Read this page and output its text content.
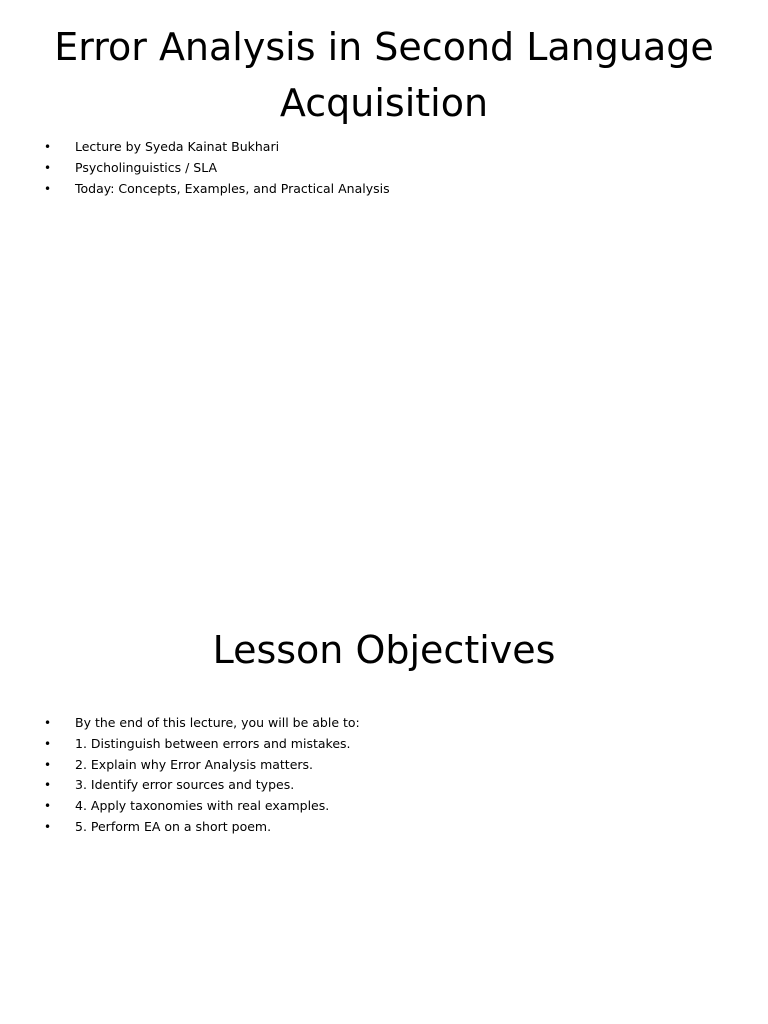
Error Analysis in Second Language Acquisition
• Lecture by Syeda Kainat Bukhari
• Psycholinguistics / SLA
• Today: Concepts, Examples, and Practical Analysis
Lesson Objectives
• By the end of this lecture, you will be able to:
• 1. Distinguish between errors and mistakes.
• 2. Explain why Error Analysis matters.
• 3. Identify error sources and types.
• 4. Apply taxonomies with real examples.
• 5. Perform EA on a short poem.
